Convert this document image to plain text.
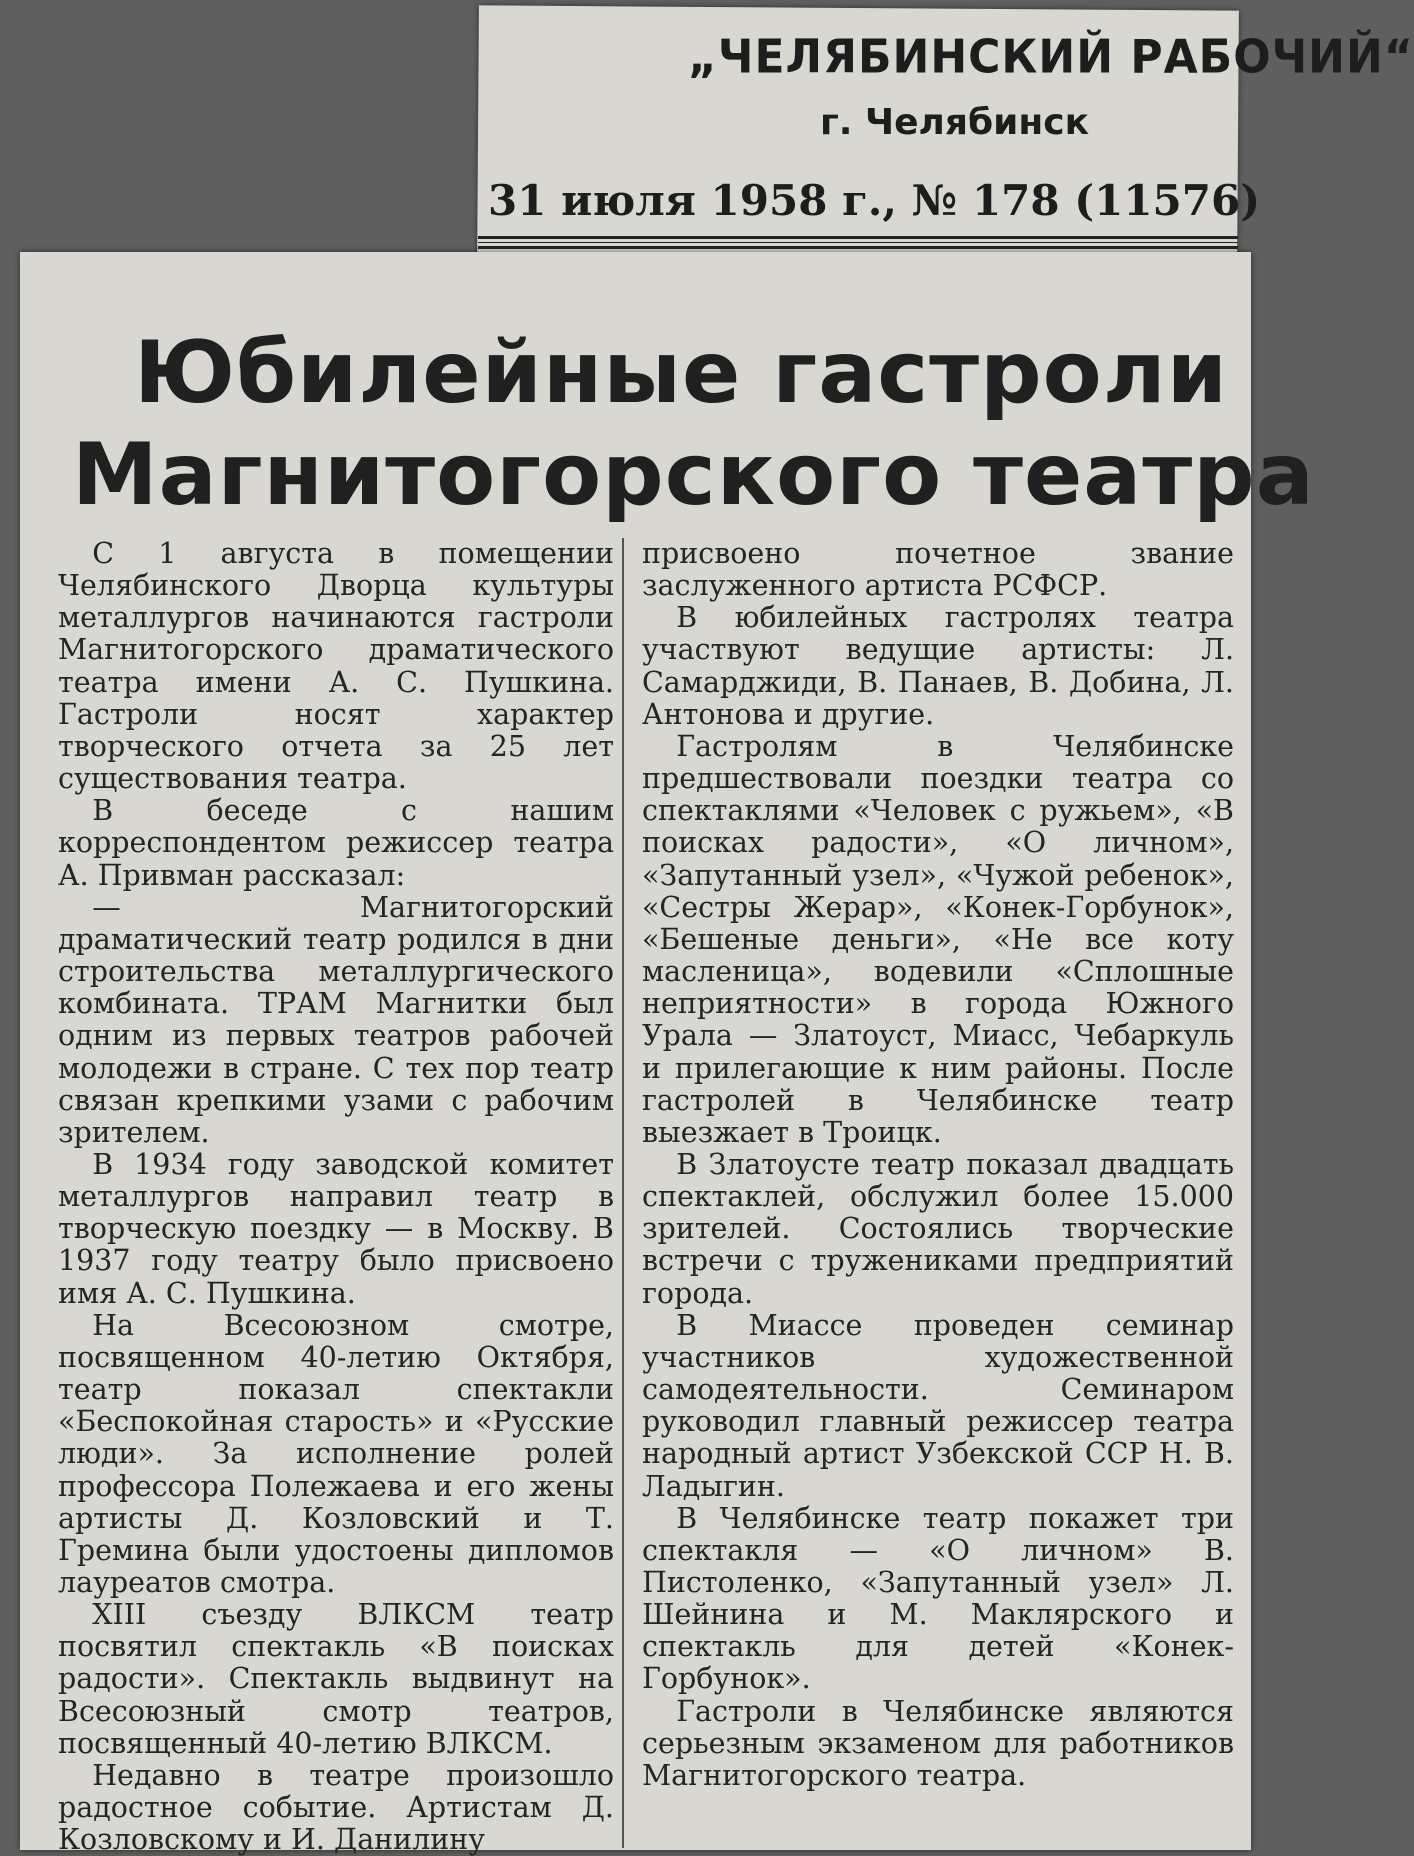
„ЧЕЛЯБИНСКИЙ РАБОЧИЙ“
г. Челябинск
31 июля 1958 г., № 178 (11576)
Юбилейные гастроли
Магнитогорского театра

С 1 августа в помещении Челябинского Дворца культуры металлургов начинаются гастроли Магнитогорского драматического театра имени А. С. Пушкина. Гастроли носят характер творческого отчета за 25 лет существования театра.

В беседе с нашим корреспондентом режиссер театра А. Привман рассказал:

— Магнитогорский драматический театр родился в дни строительства металлургического комбината. ТРАМ Магнитки был одним из первых театров рабочей молодежи в стране. С тех пор театр связан крепкими узами с рабочим зрителем.

В 1934 году заводской комитет металлургов направил театр в творческую поездку — в Москву. В 1937 году театру было присвоено имя А. С. Пушкина.

На Всесоюзном смотре, посвященном 40-летию Октября, театр показал спектакли «Беспокойная старость» и «Русские люди». За исполнение ролей профессора Полежаева и его жены артисты Д. Козловский и Т. Гремина были удостоены дипломов лауреатов смотра.

XIII съезду ВЛКСМ театр посвятил спектакль «В поисках радости». Спектакль выдвинут на Всесоюзный смотр театров, посвященный 40-летию ВЛКСМ.

Недавно в театре произошло радостное событие. Артистам Д. Козловскому и И. Данилину

присвоено почетное звание заслуженного артиста РСФСР.

В юбилейных гастролях театра участвуют ведущие артисты: Л. Самарджиди, В. Панаев, В. Добина, Л. Антонова и другие.

Гастролям в Челябинске предшествовали поездки театра со спектаклями «Человек с ружьем», «В поисках радости», «О личном», «Запутанный узел», «Чужой ребенок», «Сестры Жерар», «Конек-Горбунок», «Бешеные деньги», «Не все коту масленица», водевили «Сплошные неприятности» в города Южного Урала — Златоуст, Миасс, Чебаркуль и прилегающие к ним районы. После гастролей в Челябинске театр выезжает в Троицк.

В Златоусте театр показал двадцать спектаклей, обслужил более 15.000 зрителей. Состоялись творческие встречи с тружениками предприятий города.

В Миассе проведен семинар участников художественной самодеятельности. Семинаром руководил главный режиссер театра народный артист Узбекской ССР Н. В. Ладыгин.

В Челябинске театр покажет три спектакля — «О личном» В. Пистоленко, «Запутанный узел» Л. Шейнина и М. Маклярского и спектакль для детей «Конек-Горбунок».

Гастроли в Челябинске являются серьезным экзаменом для работников Магнитогорского театра.
